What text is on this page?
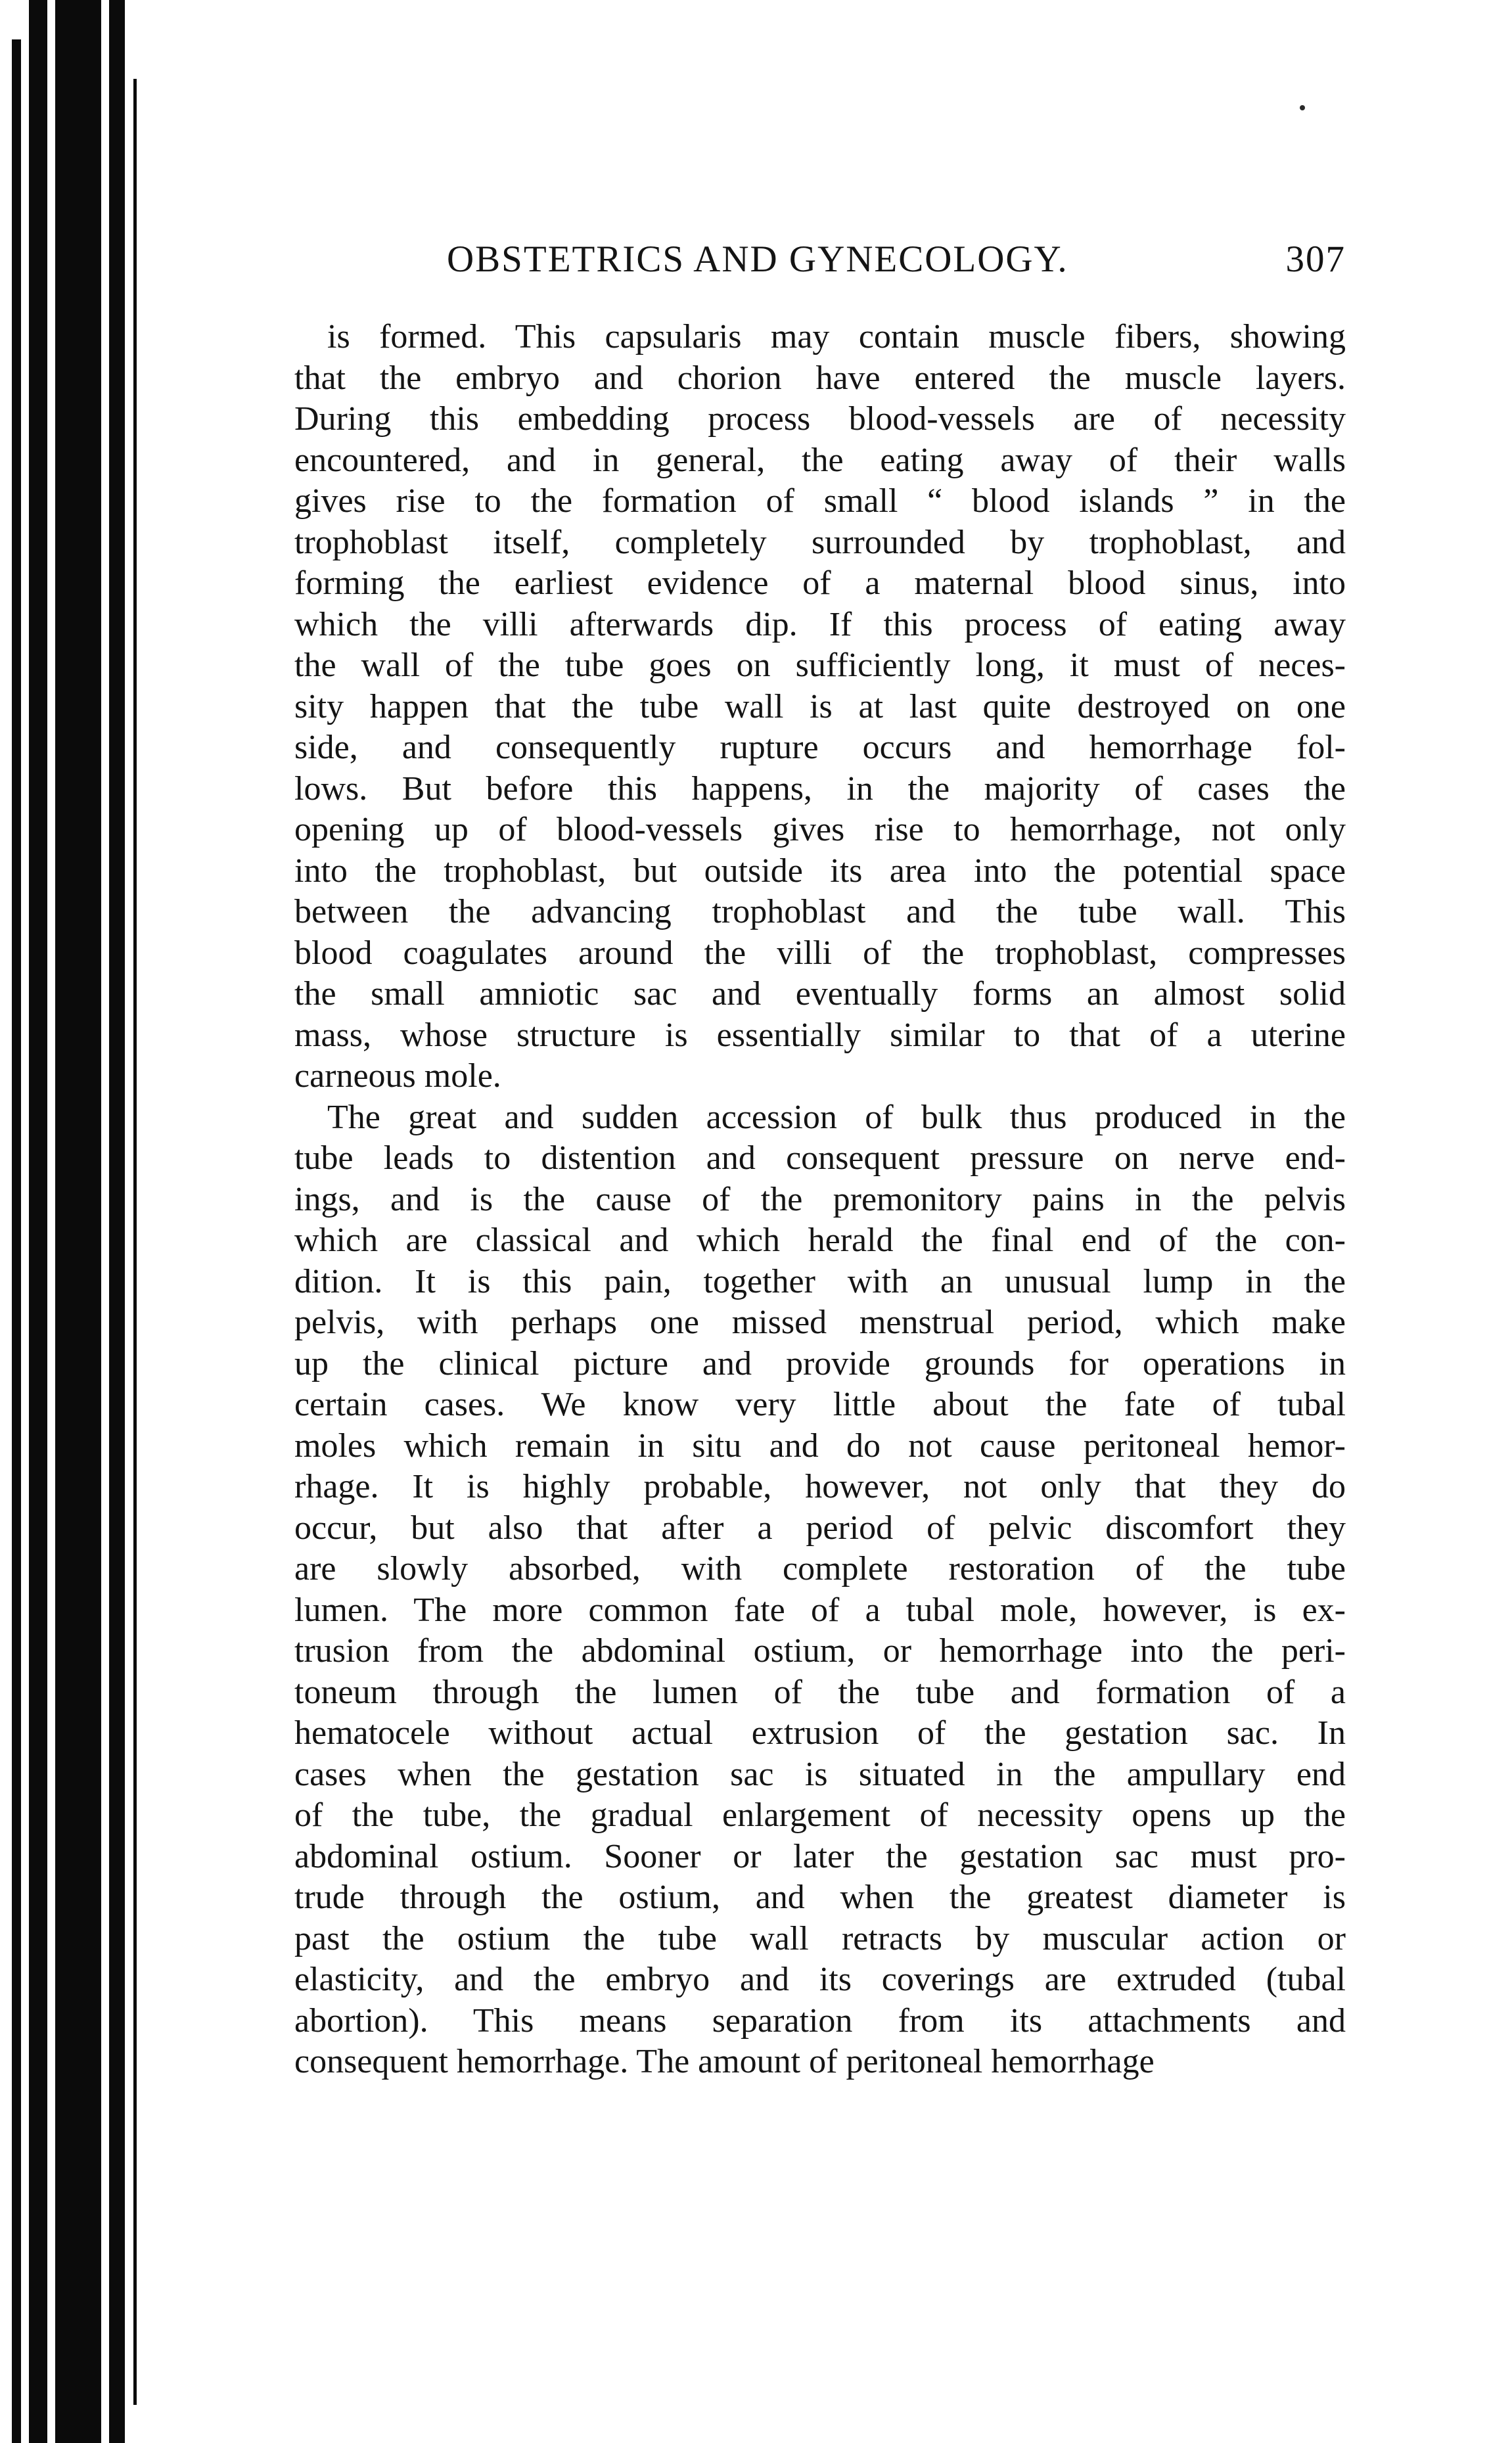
OBSTETRICS AND GYNECOLOGY.	307
is formed. This capsularis may contain muscle fibers, showing
that the embryo and chorion have entered the muscle layers.
During this embedding process blood-vessels are of necessity
encountered, and in general, the eating away of their walls
gives rise to the formation of small “ blood islands ” in the
trophoblast itself, completely surrounded by trophoblast, and
forming the earliest evidence of a maternal blood sinus, into
which the villi afterwards dip. If this process of eating away
the wall of the tube goes on sufficiently long, it must of neces-
sity happen that the tube wall is at last quite destroyed on one
side, and consequently rupture occurs and hemorrhage fol-
lows. But before this happens, in the majority of cases the
opening up of blood-vessels gives rise to hemorrhage, not only
into the trophoblast, but outside its area into the potential space
between the advancing trophoblast and the tube wall. This
blood coagulates around the villi of the trophoblast, compresses
the small amniotic sac and eventually forms an almost solid
mass, whose structure is essentially similar to that of a uterine
carneous mole.
The great and sudden accession of bulk thus produced in the
tube leads to distention and consequent pressure on nerve end-
ings, and is the cause of the premonitory pains in the pelvis
which are classical and which herald the final end of the con-
dition. It is this pain, together with an unusual lump in the
pelvis, with perhaps one missed menstrual period, which make
up the clinical picture and provide grounds for operations in
certain cases. We know very little about the fate of tubal
moles which remain in situ and do not cause peritoneal hemor-
rhage. It is highly probable, however, not only that they do
occur, but also that after a period of pelvic discomfort they
are slowly absorbed, with complete restoration of the tube
lumen. The more common fate of a tubal mole, however, is ex-
trusion from the abdominal ostium, or hemorrhage into the peri-
toneum through the lumen of the tube and formation of a
hematocele without actual extrusion of the gestation sac. In
cases when the gestation sac is situated in the ampullary end
of the tube, the gradual enlargement of necessity opens up the
abdominal ostium. Sooner or later the gestation sac must pro-
trude through the ostium, and when the greatest diameter is
past the ostium the tube wall retracts by muscular action or
elasticity, and the embryo and its coverings are extruded (tubal
abortion). This means separation from its attachments and
consequent hemorrhage. The amount of peritoneal hemorrhage
